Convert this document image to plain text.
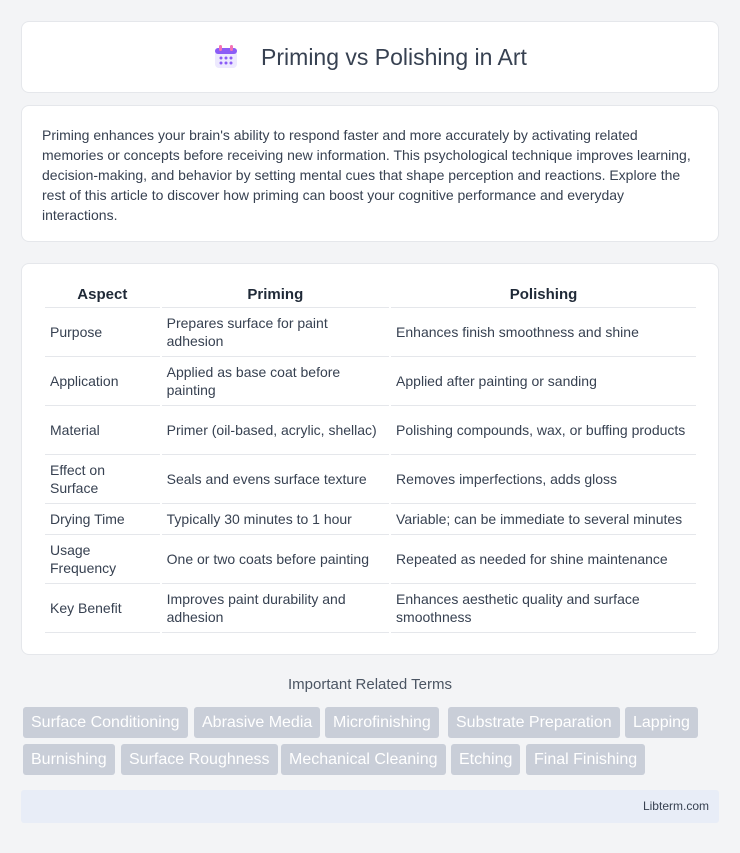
Priming vs Polishing in Art

Priming enhances your brain's ability to respond faster and more accurately by activating related memories or concepts before receiving new information. This psychological technique improves learning, decision-making, and behavior by setting mental cues that shape perception and reactions. Explore the rest of this article to discover how priming can boost your cognitive performance and everyday interactions.

Aspect	Priming	Polishing
Purpose	Prepares surface for paint adhesion	Enhances finish smoothness and shine
Application	Applied as base coat before painting	Applied after painting or sanding
Material	Primer (oil-based, acrylic, shellac)	Polishing compounds, wax, or buffing products
Effect on Surface	Seals and evens surface texture	Removes imperfections, adds gloss
Drying Time	Typically 30 minutes to 1 hour	Variable; can be immediate to several minutes
Usage Frequency	One or two coats before painting	Repeated as needed for shine maintenance
Key Benefit	Improves paint durability and adhesion	Enhances aesthetic quality and surface smoothness
Important Related Terms
Surface Conditioning	Abrasive Media	Microfinishing	Substrate Preparation	Lapping
Burnishing	Surface Roughness	Mechanical Cleaning	Etching	Final Finishing
Libterm.com
